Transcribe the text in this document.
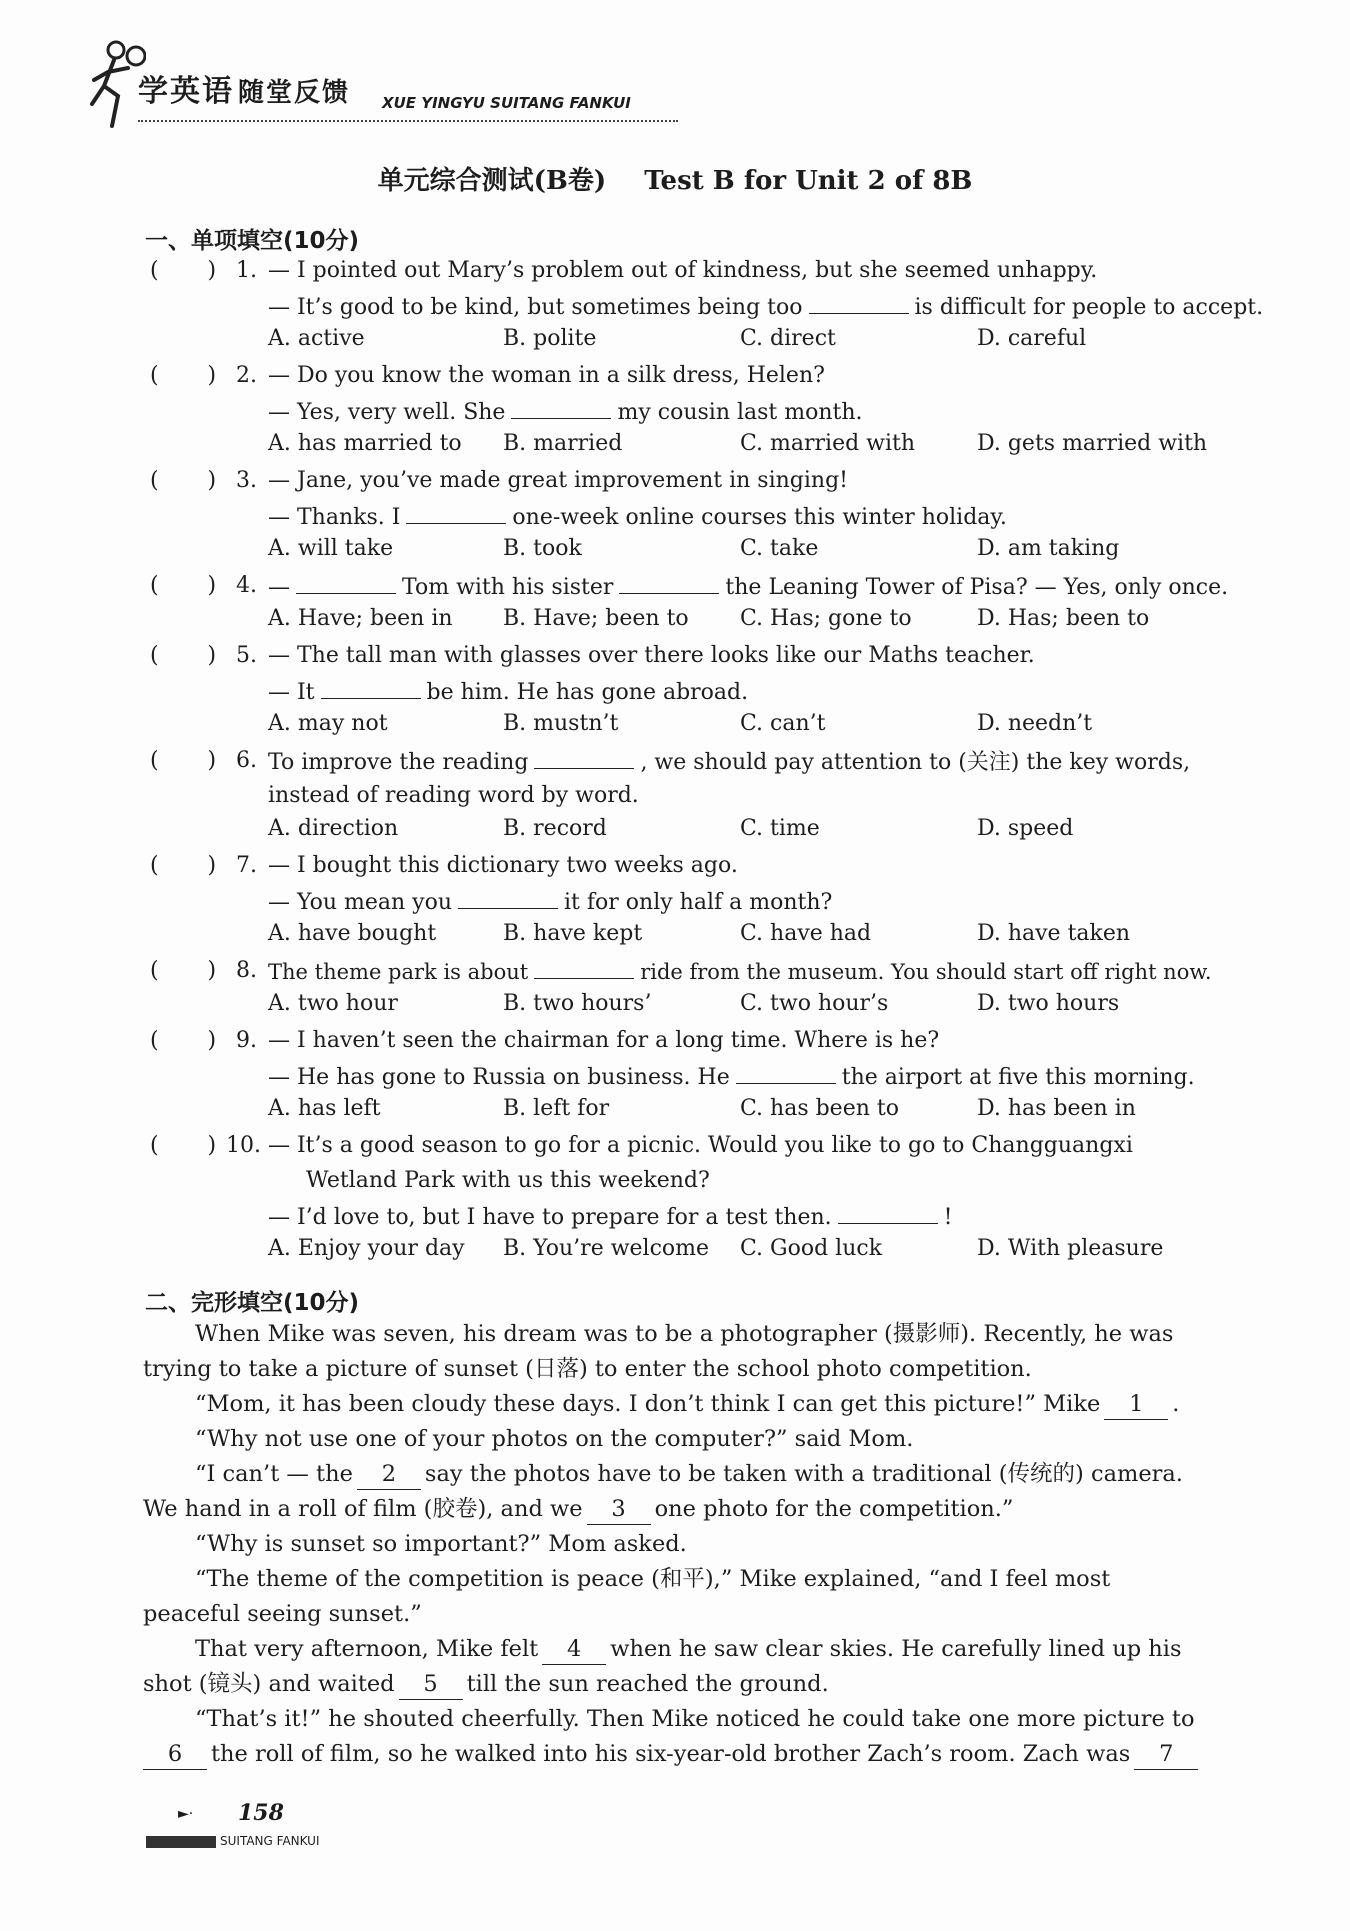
学英语 随堂反馈 XUE YINGYU SUITANG FANKUI
单元综合测试(B卷) Test B for Unit 2 of 8B
一、单项填空(10分)
(       ) 1. — I pointed out Mary’s problem out of kindness, but she seemed unhappy.
— It’s good to be kind, but sometimes being too	is difficult for people to accept.
A. active	B. polite	C. direct	D. careful
(       ) 2. — Do you know the woman in a silk dress, Helen?
— Yes, very well. She	my cousin last month.
A. has married to B. married	C. married with	D. gets married with
(       ) 3. — Jane, you’ve made great improvement in singing!
— Thanks. I	one-week online courses this winter holiday.
A. will take	B. took	C. take	D. am taking
(       ) 4. —	Tom with his sister	the Leaning Tower of Pisa? — Yes, only once.
A. Have; been in B. Have; been to C. Has; gone to	D. Has; been to
(       ) 5. — The tall man with glasses over there looks like our Maths teacher.
— It	be him. He has gone abroad.
A. may not	B. mustn’t	C. can’t	D. needn’t
(       ) 6. To improve the reading	, we should pay attention to (关注) the key words,
instead of reading word by word.
A. direction	B. record	C. time	D. speed
(       ) 7. — I bought this dictionary two weeks ago.
— You mean you	it for only half a month?
A. have bought	B. have kept	C. have had	D. have taken
(       ) 8. The theme park is about	ride from the museum. You should start off right now.
A. two hour	B. two hours’	C. two hour’s	D. two hours
(       ) 9. — I haven’t seen the chairman for a long time. Where is he?
— He has gone to Russia on business. He	the airport at five this morning.
A. has left	B. left for	C. has been to	D. has been in
(       ) 10. — It’s a good season to go for a picnic. Would you like to go to Changguangxi
Wetland Park with us this weekend?
— I’d love to, but I have to prepare for a test then.	!
A. Enjoy your day B. You’re welcome C. Good luck	D. With pleasure
二、完形填空(10分)
When Mike was seven, his dream was to be a photographer (摄影师). Recently, he was
trying to take a picture of sunset (日落) to enter the school photo competition.
“Mom, it has been cloudy these days. I don’t think I can get this picture!” Mike 1 .
“Why not use one of your photos on the computer?” said Mom.
“I can’t — the 2 say the photos have to be taken with a traditional (传统的) camera.
We hand in a roll of film (胶卷), and we 3 one photo for the competition.”
“Why is sunset so important?” Mom asked.
“The theme of the competition is peace (和平),” Mike explained, “and I feel most
peaceful seeing sunset.”
That very afternoon, Mike felt 4 when he saw clear skies. He carefully lined up his
shot (镜头) and waited 5 till the sun reached the ground.
“That’s it!” he shouted cheerfully. Then Mike noticed he could take one more picture to
6 the roll of film, so he walked into his six-year-old brother Zach’s room. Zach was 7
►· 158
SUITANG FANKUI
